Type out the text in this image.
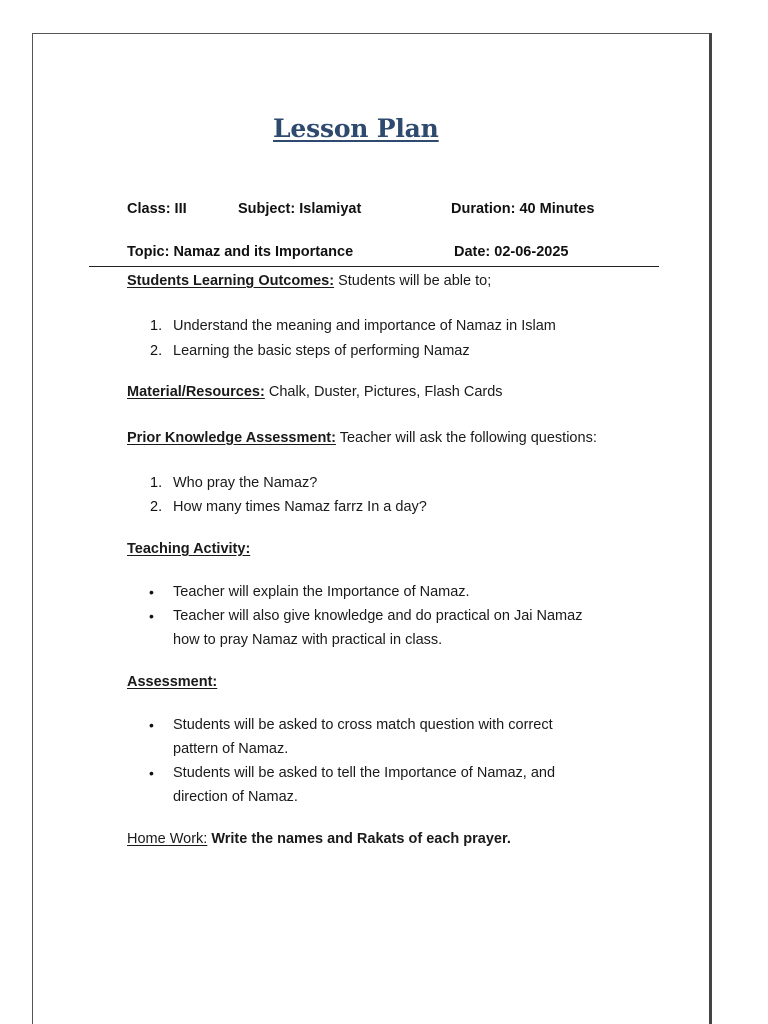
Lesson Plan
Class: III	Subject: Islamiyat	Duration: 40 Minutes
Topic: Namaz and its Importance	Date: 02-06-2025
Students Learning Outcomes: Students will be able to;
1. Understand the meaning and importance of Namaz in Islam
2. Learning the basic steps of performing Namaz
Material/Resources: Chalk, Duster, Pictures, Flash Cards
Prior Knowledge Assessment: Teacher will ask the following questions:
1. Who pray the Namaz?
2. How many times Namaz farrz In a day?
Teaching Activity:
• Teacher will explain the Importance of Namaz.
• Teacher will also give knowledge and do practical on Jai Namaz
how to pray Namaz with practical in class.
Assessment:
• Students will be asked to cross match question with correct
pattern of Namaz.
• Students will be asked to tell the Importance of Namaz, and
direction of Namaz.
Home Work: Write the names and Rakats of each prayer.
